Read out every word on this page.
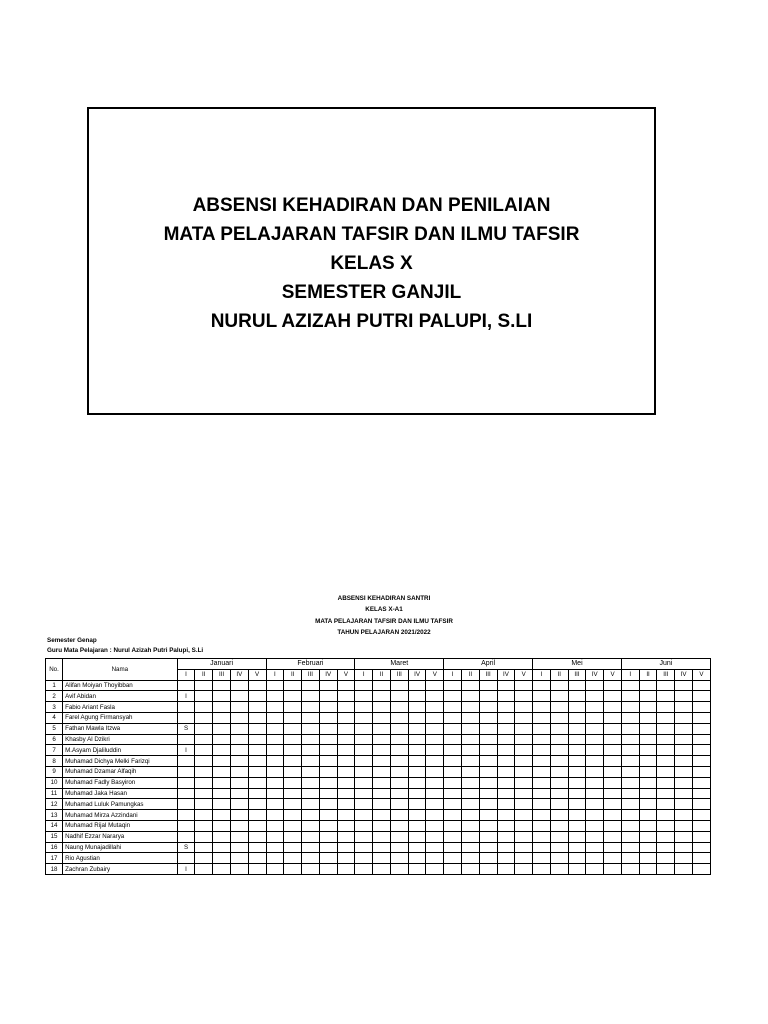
ABSENSI KEHADIRAN DAN PENILAIAN
MATA PELAJARAN TAFSIR DAN ILMU TAFSIR
KELAS X
SEMESTER GANJIL
NURUL AZIZAH PUTRI PALUPI, S.LI
ABSENSI KEHADIRAN SANTRI
KELAS X-A1
MATA PELAJARAN TAFSIR DAN ILMU TAFSIR
TAHUN PELAJARAN 2021/2022
Semester Genap
Guru Mata Pelajaran : Nurul Azizah Putri Palupi, S.Li
No.	Nama	Januari					Februari					Maret					April					Mei					Juni				
		I	II	III	IV	V	I	II	III	IV	V	I	II	III	IV	V	I	II	III	IV	V	I	II	III	IV	V	I	II	III	IV	V
1	Alifan Moiyan Thoyibban																														
2	Avif Abidan	I																													
3	Fabio Ariant Fasla																														
4	Farel Agung Firmansyah																														
5	Fathan Mawla Itzwa	S																													
6	Khasby Al Dzikri																														
7	M.Asyam Djaliluddin	I																													
8	Muhamad Dichya Melki Farizqi																														
9	Muhamad Dzamar Alfaqih																														
10	Muhamad Fadly Basyiron																														
11	Muhamad Jaka Hasan																														
12	Muhamad Luluk Pamungkas																														
13	Muhamad Mirza Azzindani																														
14	Muhamad Rijal Mutaqin																														
15	Nadhif Ezzar Nararya																														
16	Naung Munajadillahi	S																													
17	Rio Agustian																														
18	Zachran Zubairy	I																													
